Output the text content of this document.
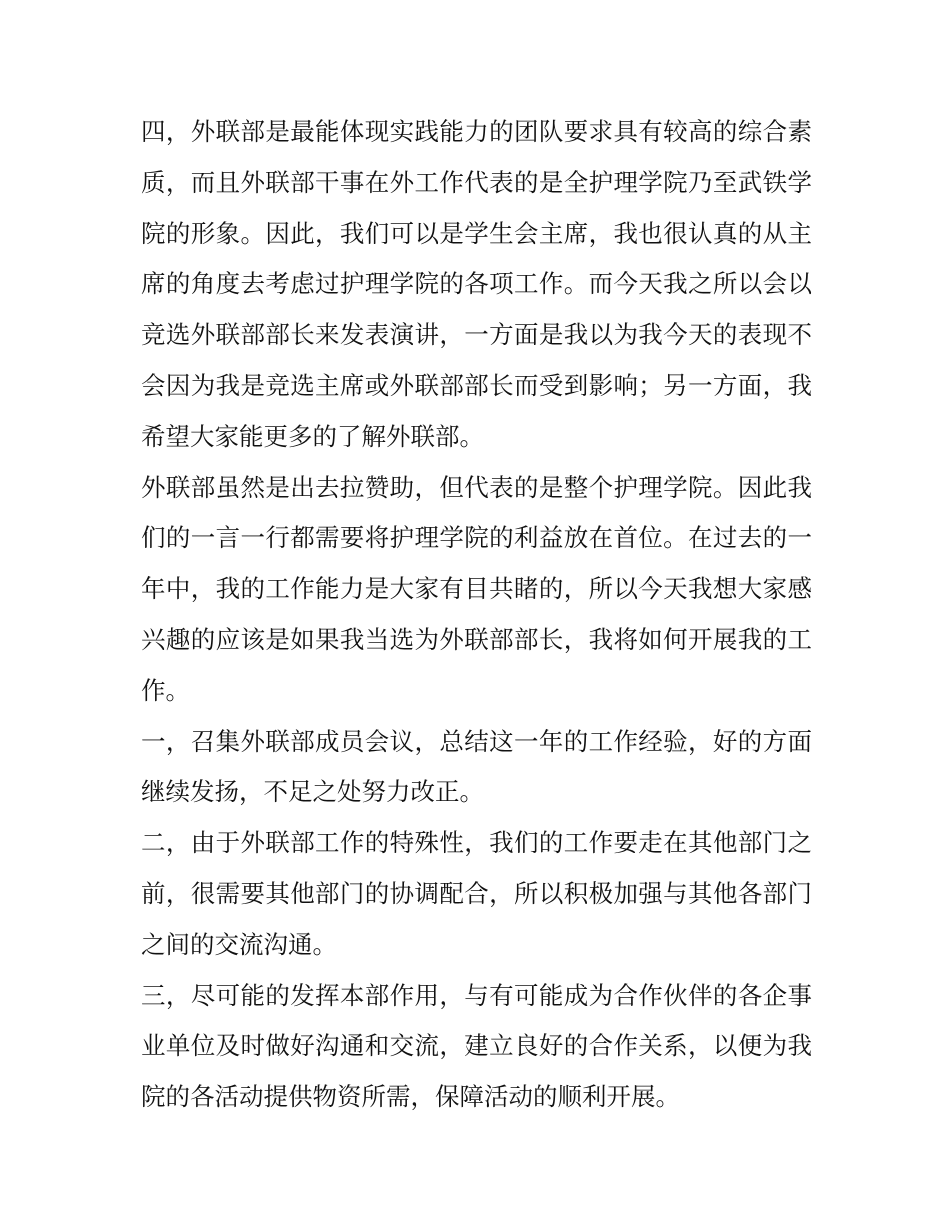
四，外联部是最能体现实践能力的团队要求具有较高的综合素质，而且外联部干事在外工作代表的是全护理学院乃至武铁学院的形象。因此，我们可以是学生会主席，我也很认真的从主席的角度去考虑过护理学院的各项工作。而今天我之所以会以竞选外联部部长来发表演讲，一方面是我以为我今天的表现不会因为我是竞选主席或外联部部长而受到影响；另一方面，我希望大家能更多的了解外联部。

外联部虽然是出去拉赞助，但代表的是整个护理学院。因此我们的一言一行都需要将护理学院的利益放在首位。在过去的一年中，我的工作能力是大家有目共睹的，所以今天我想大家感兴趣的应该是如果我当选为外联部部长，我将如何开展我的工作。

一，召集外联部成员会议，总结这一年的工作经验，好的方面继续发扬，不足之处努力改正。

二，由于外联部工作的特殊性，我们的工作要走在其他部门之前，很需要其他部门的协调配合，所以积极加强与其他各部门之间的交流沟通。

三，尽可能的发挥本部作用，与有可能成为合作伙伴的各企事业单位及时做好沟通和交流，建立良好的合作关系，以便为我院的各活动提供物资所需，保障活动的顺利开展。
